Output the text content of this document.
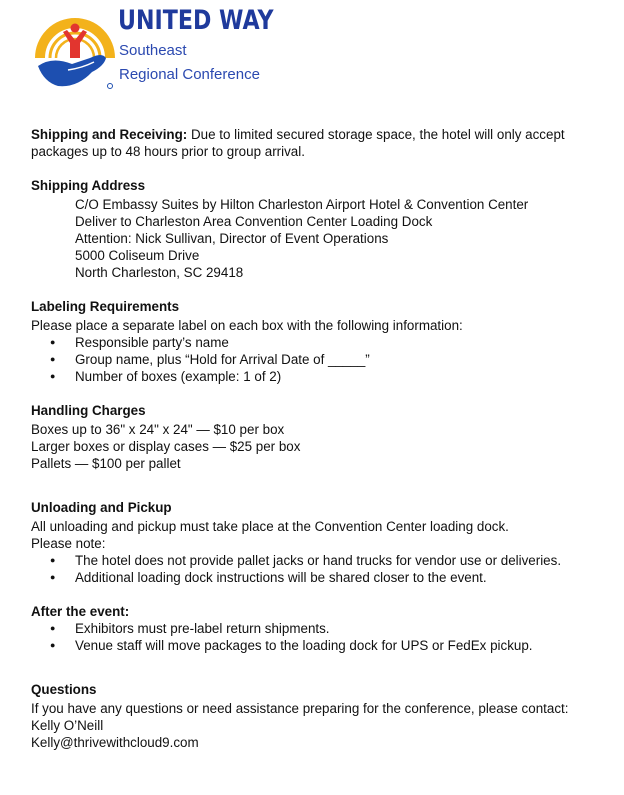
UNITED WAY
Southeast
Regional Conference

Shipping and Receiving: Due to limited secured storage space, the hotel will only accept packages up to 48 hours prior to group arrival.

Shipping Address

C/O Embassy Suites by Hilton Charleston Airport Hotel & Convention Center
Deliver to Charleston Area Convention Center Loading Dock
Attention: Nick Sullivan, Director of Event Operations
5000 Coliseum Drive
North Charleston, SC 29418

Labeling Requirements

Please place a separate label on each box with the following information:

● Responsible party’s name
● Group name, plus “Hold for Arrival Date of _____”
● Number of boxes (example: 1 of 2)

Handling Charges

Boxes up to 36" x 24" x 24" — $10 per box
Larger boxes or display cases — $25 per box
Pallets — $100 per pallet

Unloading and Pickup

All unloading and pickup must take place at the Convention Center loading dock.

Please note:

● The hotel does not provide pallet jacks or hand trucks for vendor use or deliveries.
● Additional loading dock instructions will be shared closer to the event.

After the event:

● Exhibitors must pre-label return shipments.
● Venue staff will move packages to the loading dock for UPS or FedEx pickup.

Questions

If you have any questions or need assistance preparing for the conference, please contact:

Kelly O’Neill

Kelly@thrivewithcloud9.com
